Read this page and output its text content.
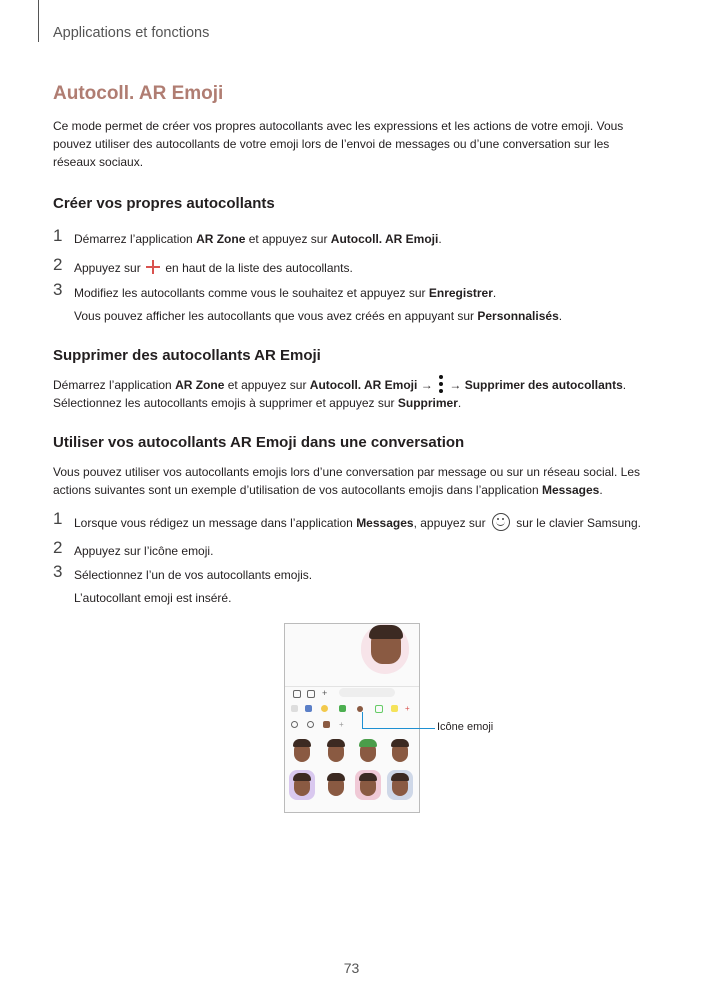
Applications et fonctions
Autocoll. AR Emoji

Ce mode permet de créer vos propres autocollants avec les expressions et les actions de votre emoji. Vous pouvez utiliser des autocollants de votre emoji lors de l’envoi de messages ou d’une conversation sur les réseaux sociaux.

Créer vos propres autocollants
1 Démarrez l’application AR Zone et appuyez sur Autocoll. AR Emoji.
2 Appuyez sur  en haut de la liste des autocollants.
3 Modifiez les autocollants comme vous le souhaitez et appuyez sur Enregistrer.
Vous pouvez afficher les autocollants que vous avez créés en appuyant sur Personnalisés.
Supprimer des autocollants AR Emoji
Démarrez l’application AR Zone et appuyez sur Autocoll. AR Emoji →
→ Supprimer des autocollants.
Sélectionnez les autocollants emojis à supprimer et appuyez sur Supprimer.
Utiliser vos autocollants AR Emoji dans une conversation
Vous pouvez utiliser vos autocollants emojis lors d’une conversation par message ou sur un réseau social. Les
actions suivantes sont un exemple d’utilisation de vos autocollants emojis dans l’application Messages.
1 Lorsque vous rédigez un message dans l’application Messages, appuyez sur  sur le clavier Samsung.
2 Appuyez sur l’icône emoji.
3 Sélectionnez l’un de vos autocollants emojis.
L’autocollant emoji est inséré.
+
+
+	Icône emoji
73
